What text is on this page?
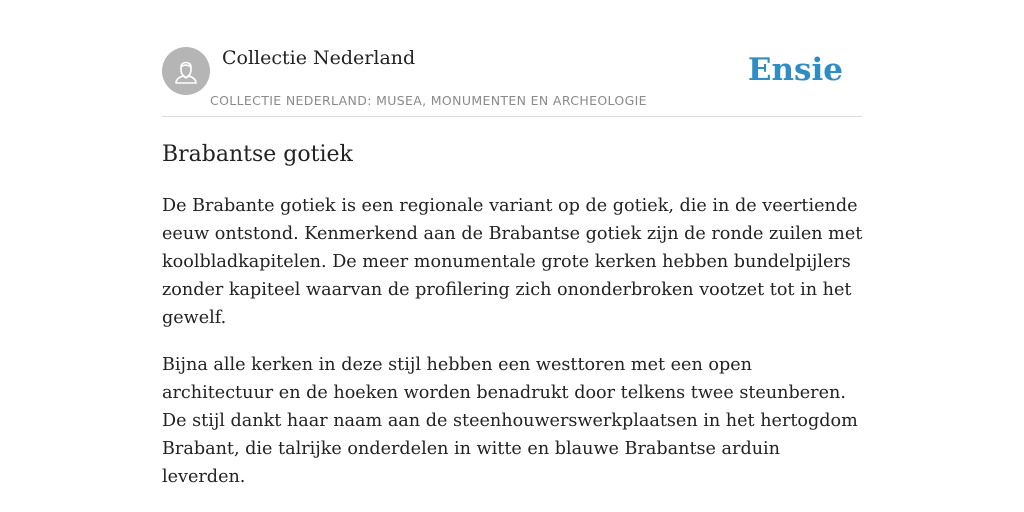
Collectie Nederland
COLLECTIE NEDERLAND: MUSEA, MONUMENTEN EN ARCHEOLOGIE
Ensie
Brabantse gotiek

De Brabante gotiek is een regionale variant op de gotiek, die in de veertiende eeuw ontstond. Kenmerkend aan de Brabantse gotiek zijn de ronde zuilen met koolbladkapitelen. De meer monumentale grote kerken hebben bundelpijlers zonder kapiteel waarvan de profilering zich ononderbroken vootzet tot in het gewelf.

Bijna alle kerken in deze stijl hebben een westtoren met een open architectuur en de hoeken worden benadrukt door telkens twee steunberen. De stijl dankt haar naam aan de steenhouwerswerkplaatsen in het hertogdom Brabant, die talrijke onderdelen in witte en blauwe Brabantse arduin leverden.
